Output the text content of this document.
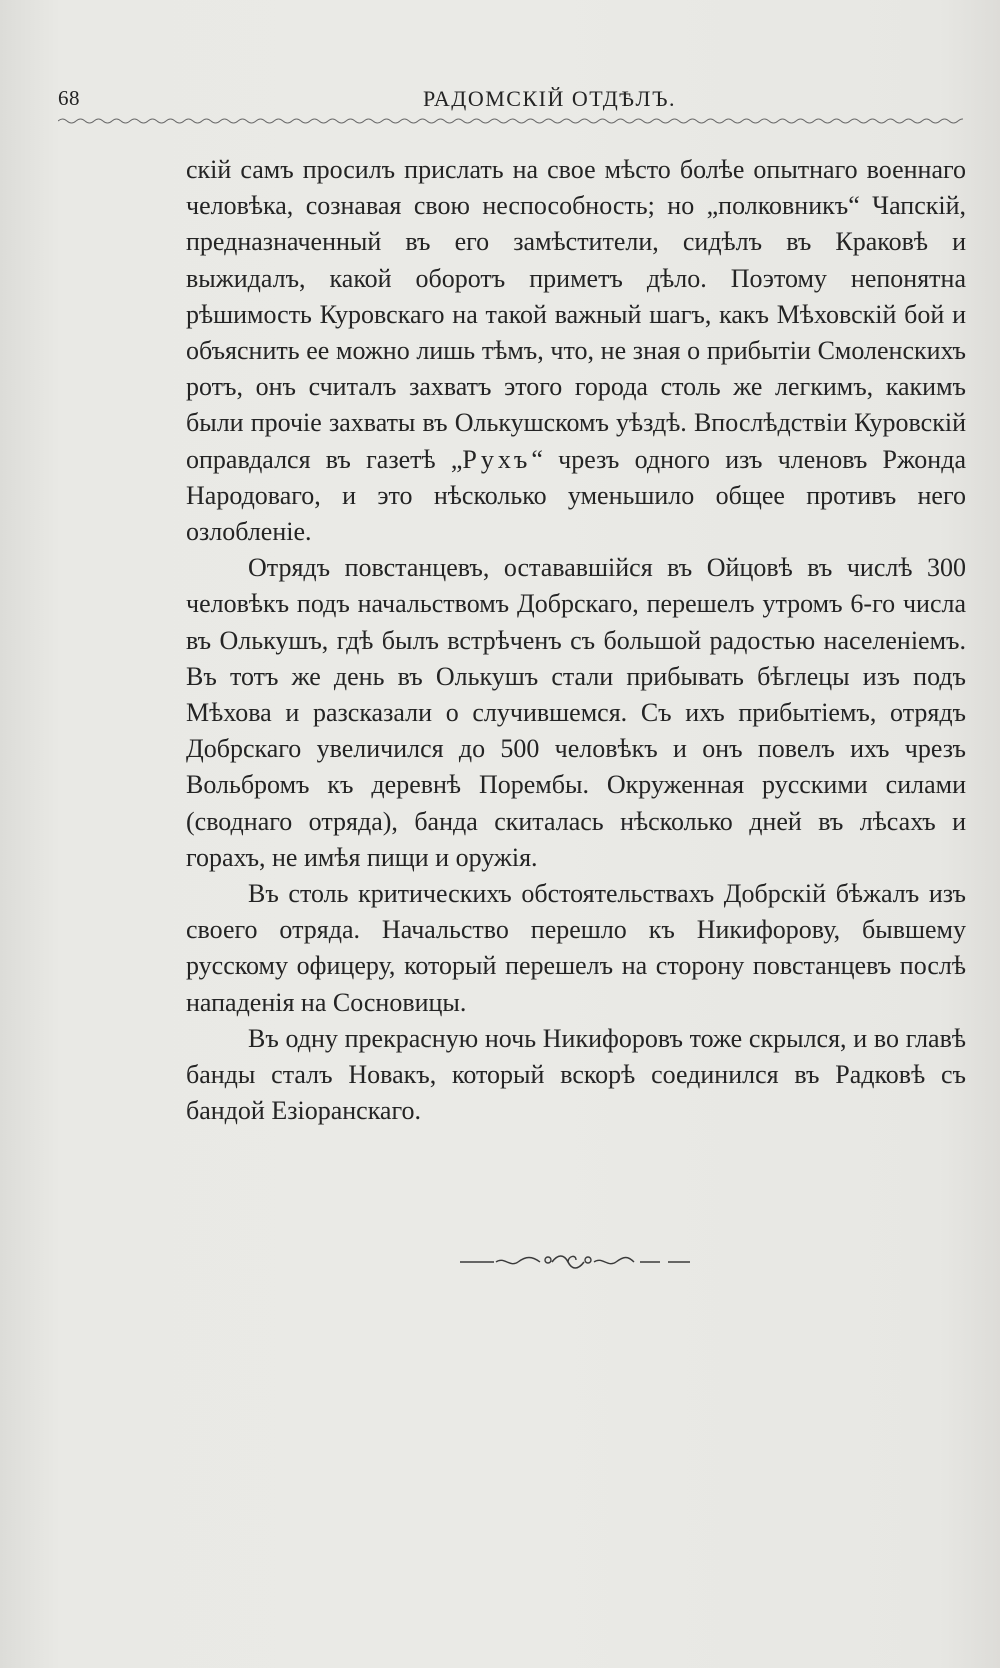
68	РАДОМСКІЙ ОТДѢЛЪ.

скій самъ просилъ прислать на свое мѣсто болѣе опытнаго военнаго человѣка, сознавая свою неспособность; но „полковникъ“ Чапскій, предназначенный въ его замѣстители, сидѣлъ въ Краковѣ и выжидалъ, какой оборотъ приметъ дѣло. Поэтому непонятна рѣшимость Куровскаго на такой важный шагъ, какъ Мѣховскій бой и объяснить ее можно лишь тѣмъ, что, не зная о прибытіи Смоленскихъ ротъ, онъ считалъ захватъ этого города столь же легкимъ, какимъ были прочіе захваты въ Олькушскомъ уѣздѣ. Впослѣдствіи Куровскій оправдался въ газетѣ „Рухъ“ чрезъ одного изъ членовъ Ржонда Народоваго, и это нѣсколько уменьшило общее противъ него озлобленіе.

Отрядъ повстанцевъ, остававшійся въ Ойцовѣ въ числѣ 300 человѣкъ подъ начальствомъ Добрскаго, перешелъ утромъ 6-го числа въ Олькушъ, гдѣ былъ встрѣченъ съ большой радостью населеніемъ. Въ тотъ же день въ Олькушъ стали прибывать бѣглецы изъ подъ Мѣхова и разсказали о случившемся. Съ ихъ прибытіемъ, отрядъ Добрскаго увеличился до 500 человѣкъ и онъ повелъ ихъ чрезъ Вольбромъ къ деревнѣ Порембы. Окруженная русскими силами (своднаго отряда), банда скиталась нѣсколько дней въ лѣсахъ и горахъ, не имѣя пищи и оружія.

Въ столь критическихъ обстоятельствахъ Добрскій бѣжалъ изъ своего отряда. Начальство перешло къ Никифорову, бывшему русскому офицеру, который перешелъ на сторону повстанцевъ послѣ нападенія на Сосновицы.

Въ одну прекрасную ночь Никифоровъ тоже скрылся, и во главѣ банды сталъ Новакъ, который вскорѣ соединился въ Радковѣ съ бандой Езіоранскаго.
